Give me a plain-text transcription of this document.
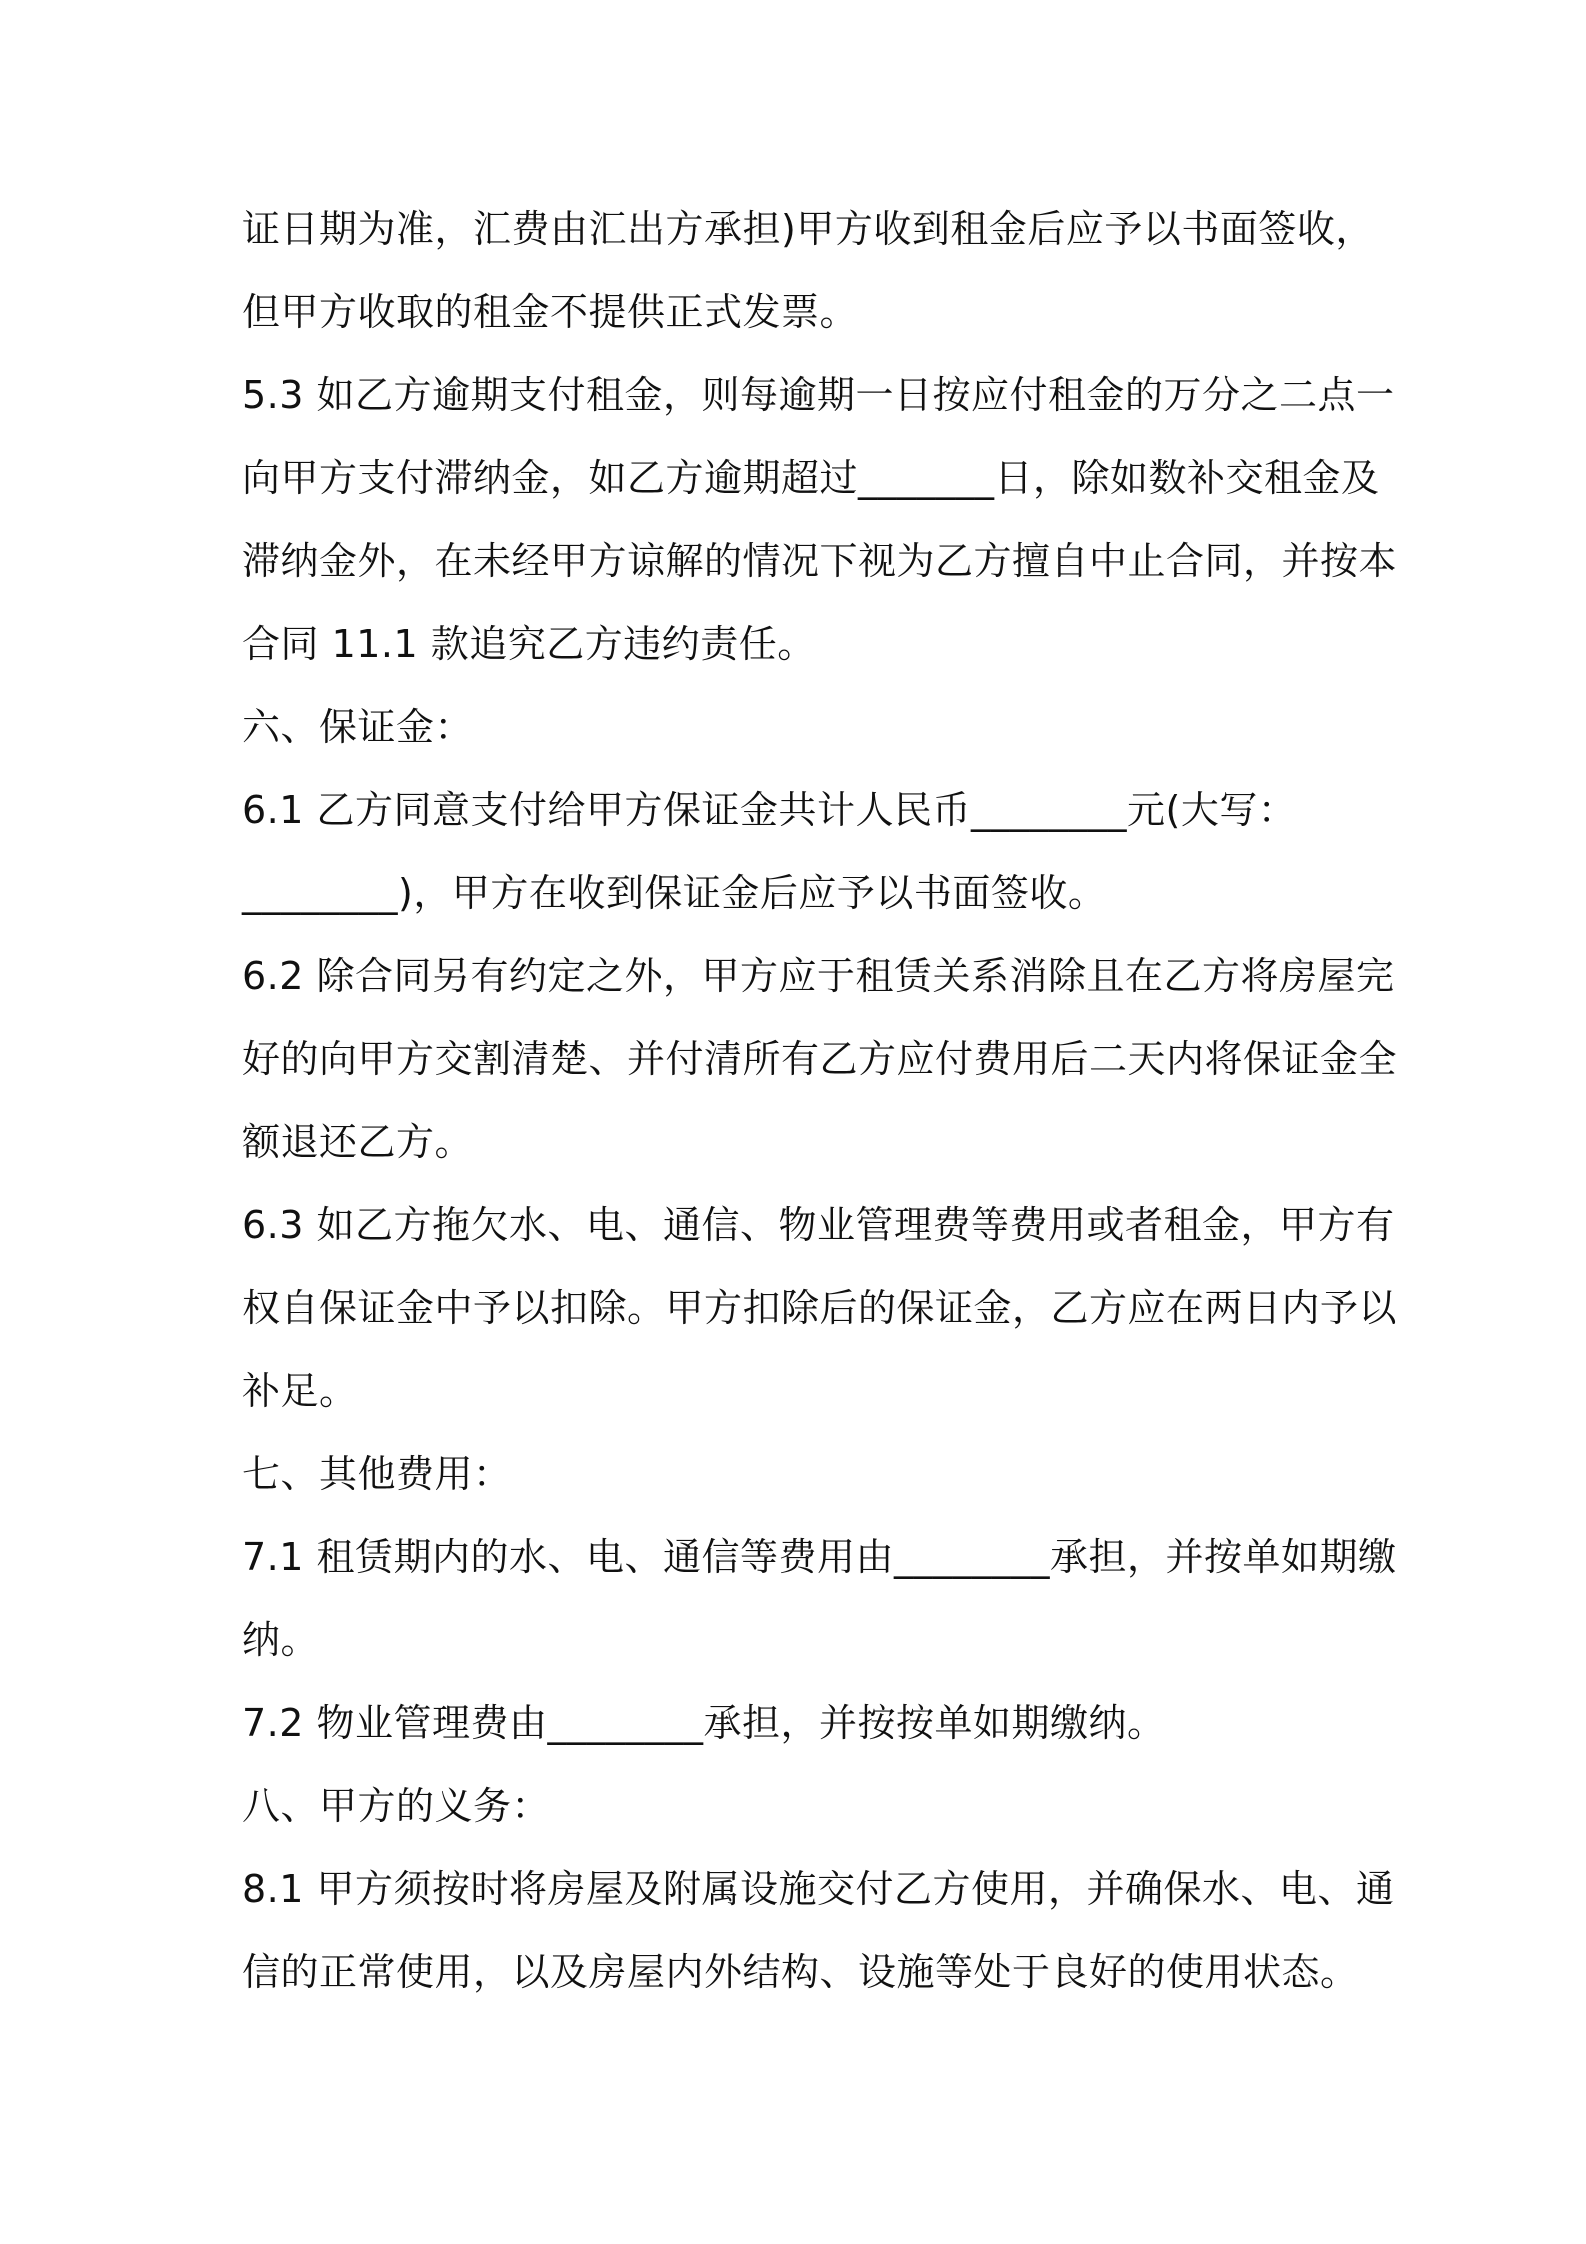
证日期为准，汇费由汇出方承担)甲方收到租金后应予以书面签收，
但甲方收取的租金不提供正式发票。
5.3 如乙方逾期支付租金，则每逾期一日按应付租金的万分之二点一
向甲方支付滞纳金，如乙方逾期超过_______日，除如数补交租金及
滞纳金外，在未经甲方谅解的情况下视为乙方擅自中止合同，并按本
合同 11.1 款追究乙方违约责任。
六、保证金：
6.1 乙方同意支付给甲方保证金共计人民币________元(大写：
________)，甲方在收到保证金后应予以书面签收。
6.2 除合同另有约定之外，甲方应于租赁关系消除且在乙方将房屋完
好的向甲方交割清楚、并付清所有乙方应付费用后二天内将保证金全
额退还乙方。
6.3 如乙方拖欠水、电、通信、物业管理费等费用或者租金，甲方有
权自保证金中予以扣除。甲方扣除后的保证金，乙方应在两日内予以
补足。
七、其他费用：
7.1 租赁期内的水、电、通信等费用由________承担，并按单如期缴
纳。
7.2 物业管理费由________承担，并按按单如期缴纳。
八、甲方的义务：
8.1 甲方须按时将房屋及附属设施交付乙方使用，并确保水、电、通
信的正常使用，以及房屋内外结构、设施等处于良好的使用状态。
